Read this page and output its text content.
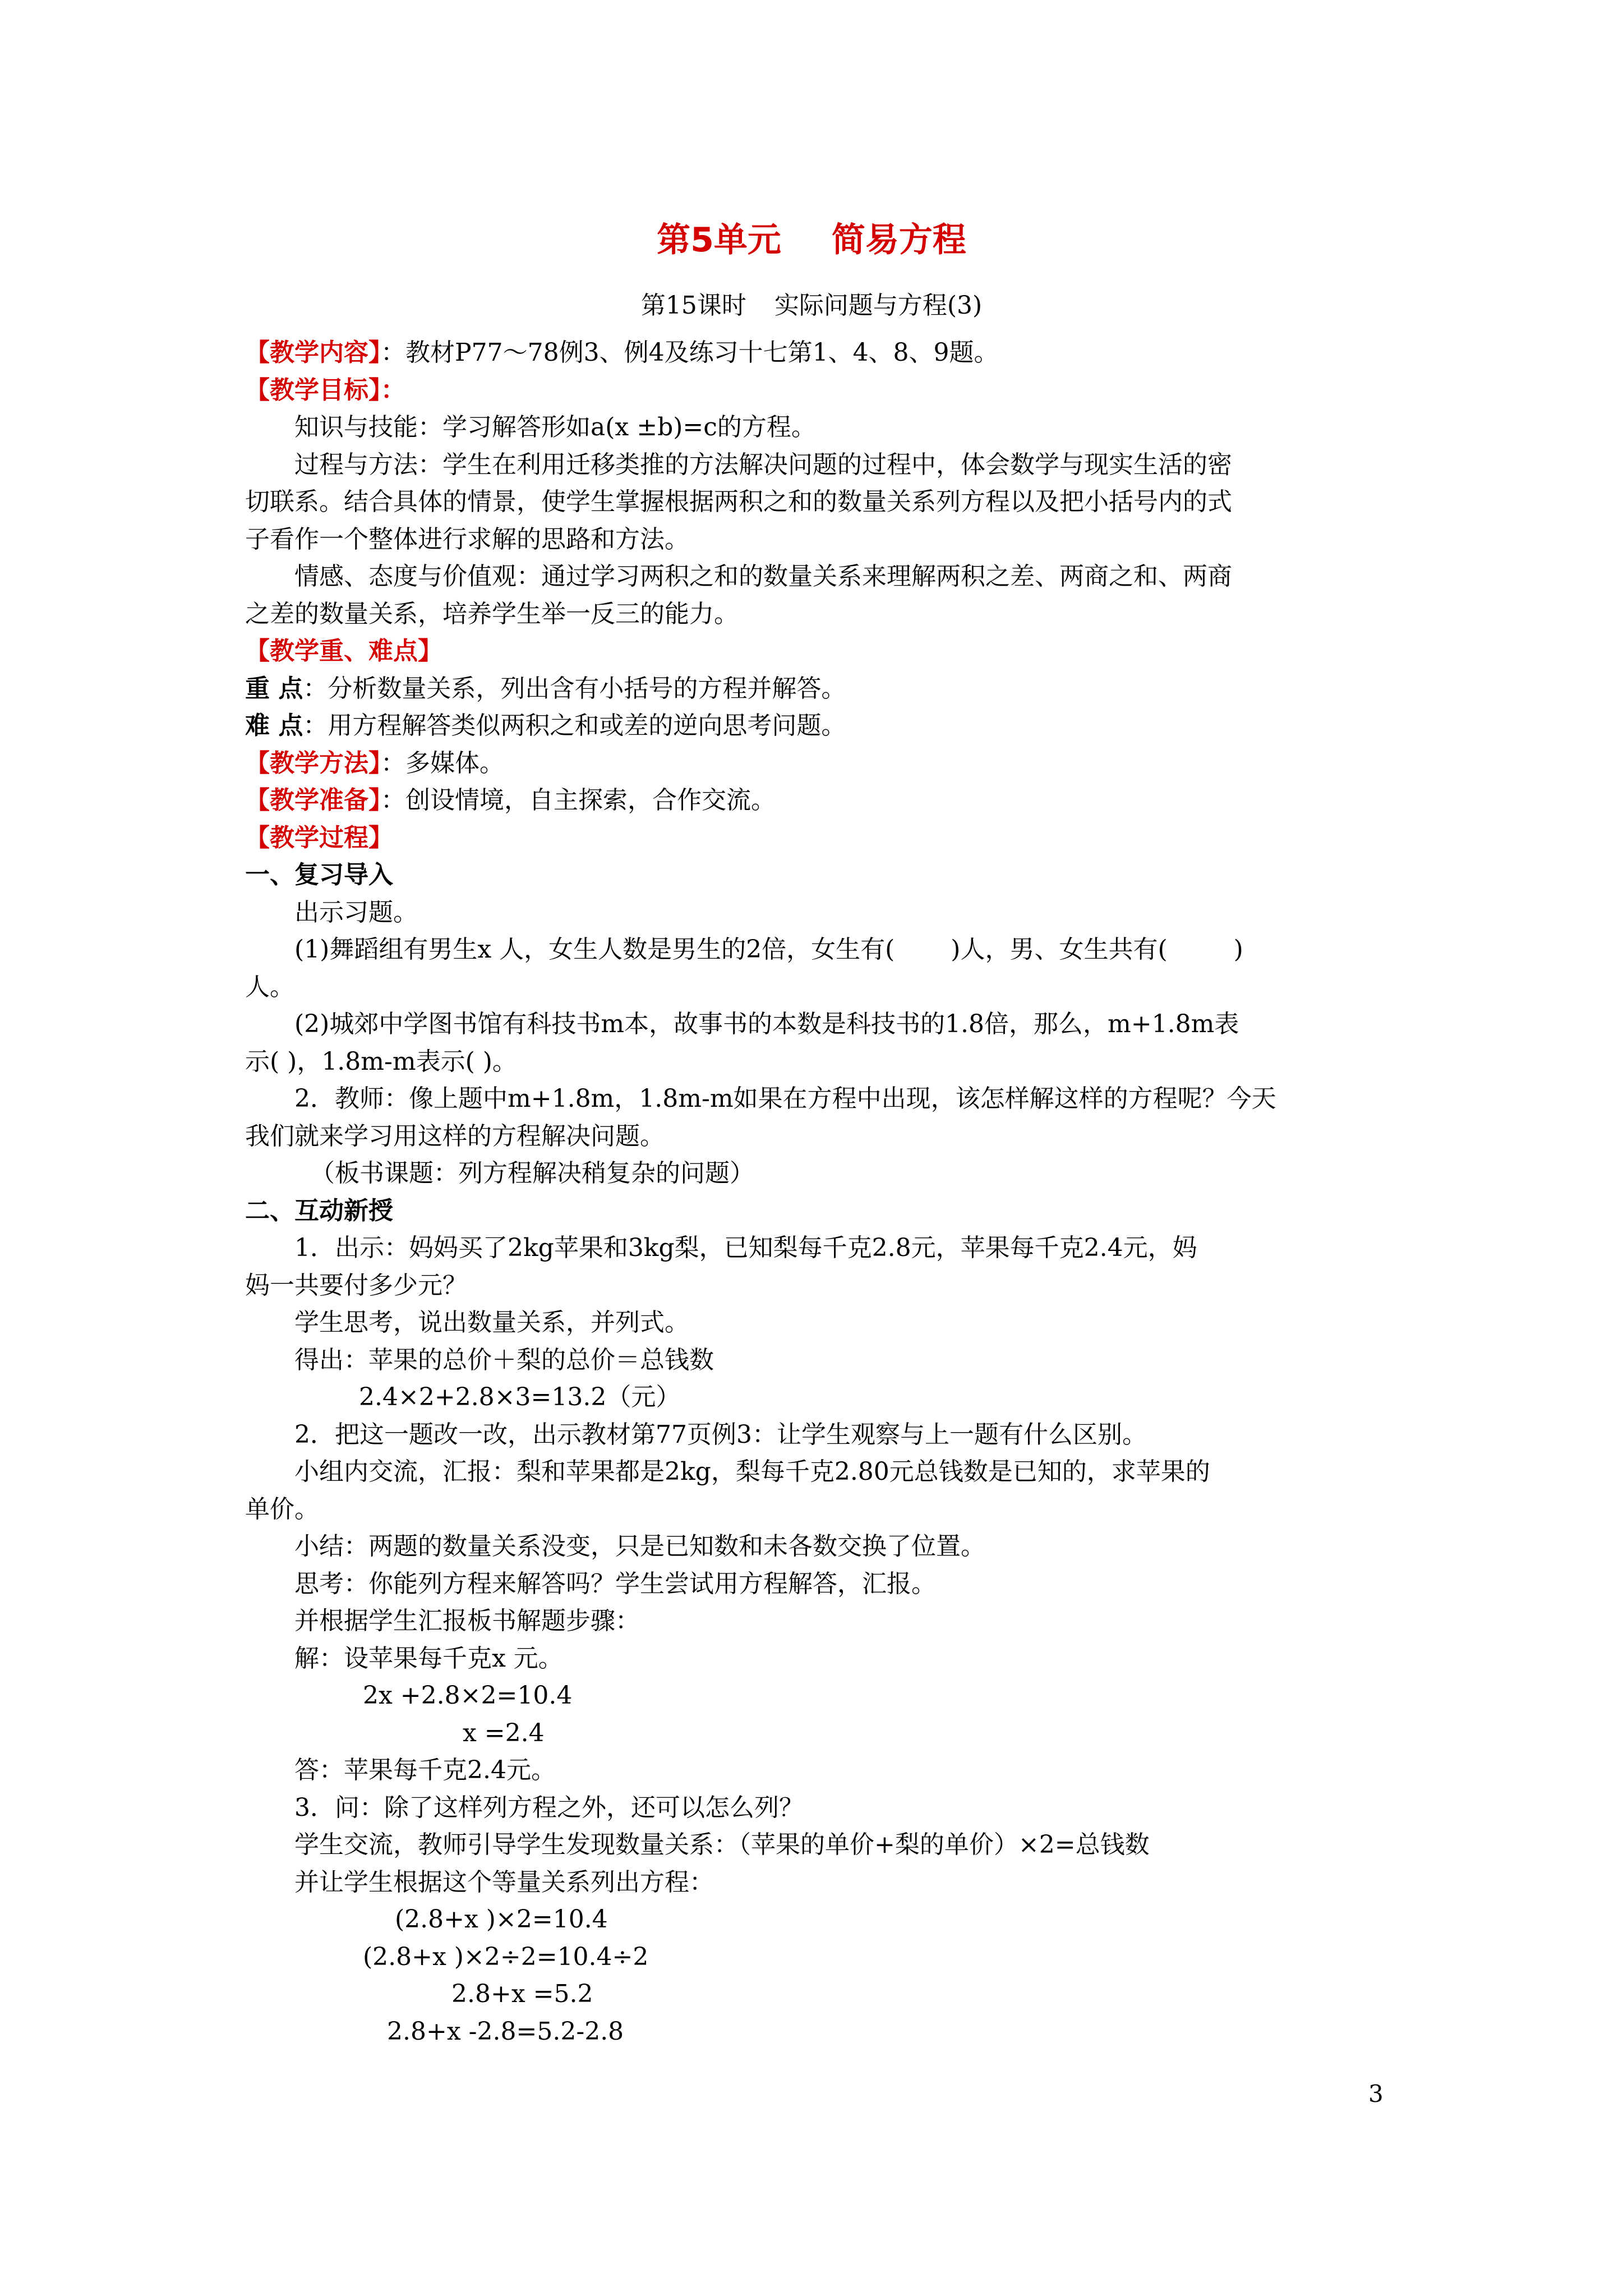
第5单元 简易方程
第15课时 实际问题与方程(3)
【教学内容】：教材P77～78例3、例4及练习十七第1、4、8、9题。
【教学目标】：
知识与技能：学习解答形如a(x ±b)=c的方程。
过程与方法：学生在利用迁移类推的方法解决问题的过程中，体会数学与现实生活的密
切联系。结合具体的情景，使学生掌握根据两积之和的数量关系列方程以及把小括号内的式
子看作一个整体进行求解的思路和方法。
情感、态度与价值观：通过学习两积之和的数量关系来理解两积之差、两商之和、两商
之差的数量关系，培养学生举一反三的能力。
【教学重、难点】
重 点：分析数量关系，列出含有小括号的方程并解答。
难 点：用方程解答类似两积之和或差的逆向思考问题。
【教学方法】：多媒体。
【教学准备】：创设情境，自主探索，合作交流。
【教学过程】
一、复习导入
出示习题。
(1)舞蹈组有男生x 人，女生人数是男生的2倍，女生有( )人，男、女生共有(	)
人。
(2)城郊中学图书馆有科技书m本，故事书的本数是科技书的1.8倍，那么，m+1.8m表
示( )，1.8m-m表示( )。
2．教师：像上题中m+1.8m，1.8m-m如果在方程中出现，该怎样解这样的方程呢？今天
我们就来学习用这样的方程解决问题。
（板书课题：列方程解决稍复杂的问题）
二、互动新授
1．出示：妈妈买了2kg苹果和3kg梨，已知梨每千克2.8元，苹果每千克2.4元，妈
妈一共要付多少元？
学生思考，说出数量关系，并列式。
得出：苹果的总价＋梨的总价＝总钱数
2.4×2+2.8×3=13.2（元）
2．把这一题改一改，出示教材第77页例3：让学生观察与上一题有什么区别。
小组内交流，汇报：梨和苹果都是2kg，梨每千克2.80元总钱数是已知的，求苹果的
单价。
小结：两题的数量关系没变，只是已知数和未各数交换了位置。
思考：你能列方程来解答吗？学生尝试用方程解答，汇报。
并根据学生汇报板书解题步骤：
解：设苹果每千克x 元。
2x +2.8×2=10.4
x =2.4
答：苹果每千克2.4元。
3．问：除了这样列方程之外，还可以怎么列？
学生交流，教师引导学生发现数量关系：（苹果的单价+梨的单价）×2=总钱数
并让学生根据这个等量关系列出方程：
(2.8+x )×2=10.4
(2.8+x )×2÷2=10.4÷2
2.8+x =5.2
2.8+x -2.8=5.2-2.8
3
